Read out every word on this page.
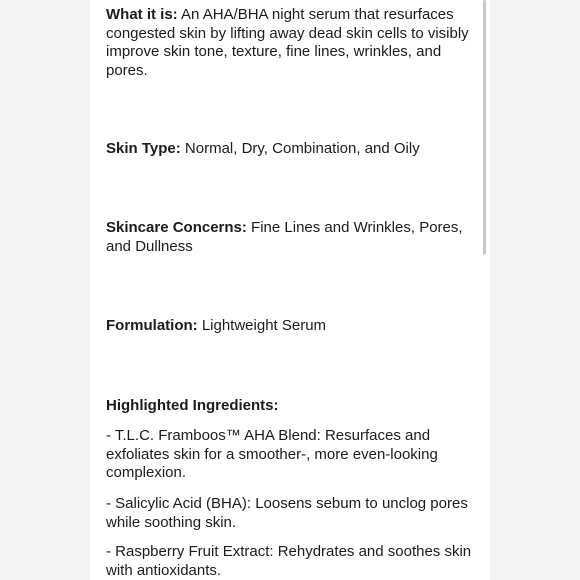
What it is: An AHA/BHA night serum that resurfaces congested skin by lifting away dead skin cells to visibly improve skin tone, texture, fine lines, wrinkles, and pores.

Skin Type: Normal, Dry, Combination, and Oily

Skincare Concerns: Fine Lines and Wrinkles, Pores, and Dullness

Formulation: Lightweight Serum

Highlighted Ingredients:

- T.L.C. Framboos™ AHA Blend: Resurfaces and exfoliates skin for a smoother-, more even-looking complexion.

- Salicylic Acid (BHA): Loosens sebum to unclog pores while soothing skin.

- Raspberry Fruit Extract: Rehydrates and soothes skin with antioxidants.
